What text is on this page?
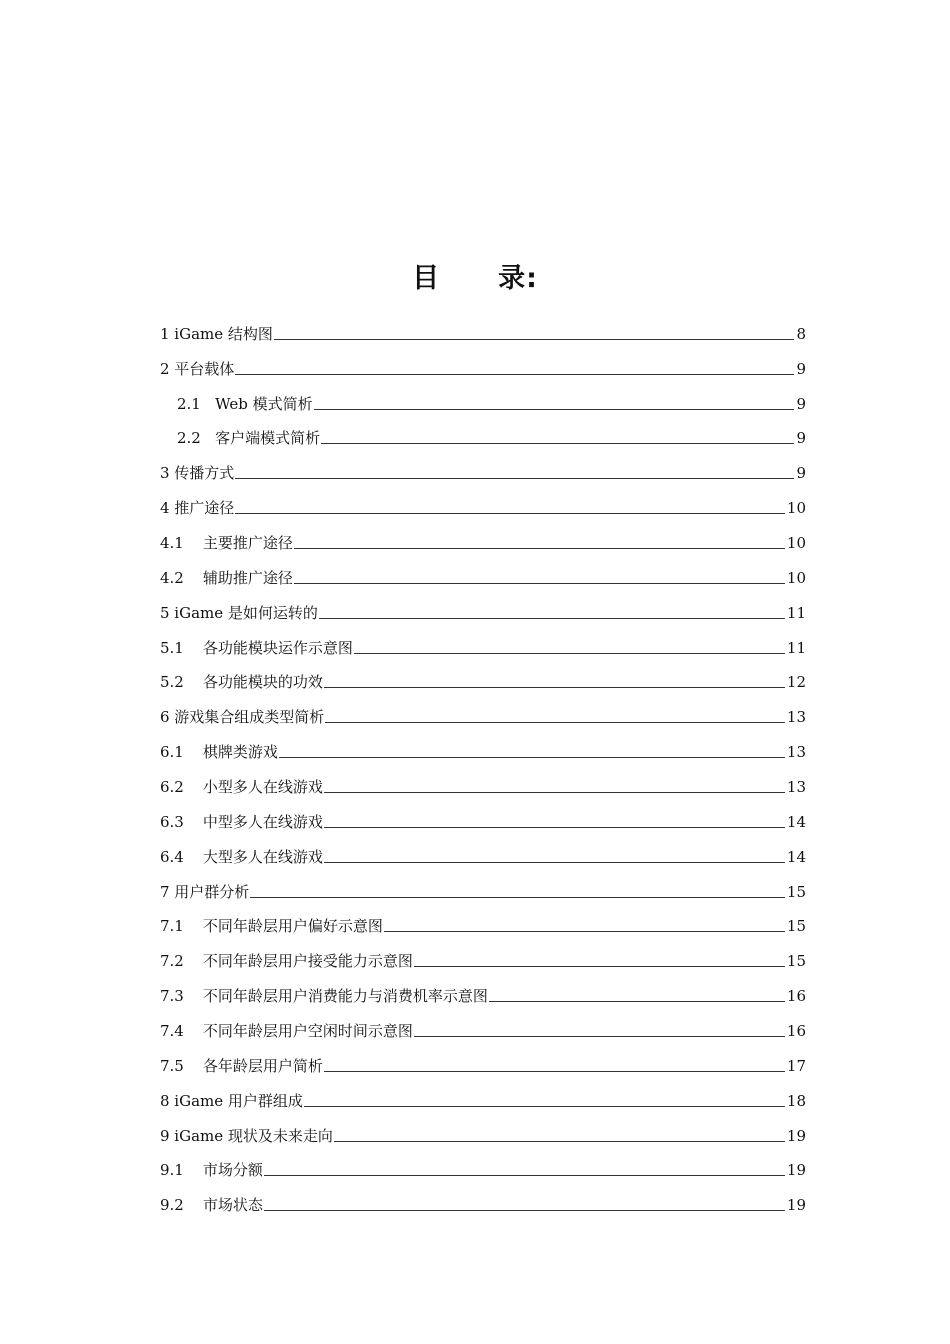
目 录:
1 iGame 结构图	8
2 平台载体	9
2.1   Web 模式简析	9
2.2   客户端模式简析	9
3 传播方式	9
4 推广途径	10
4.1    主要推广途径	10
4.2    辅助推广途径	10
5 iGame 是如何运转的	11
5.1    各功能模块运作示意图	11
5.2    各功能模块的功效	12
6 游戏集合组成类型简析	13
6.1    棋牌类游戏	13
6.2    小型多人在线游戏	13
6.3    中型多人在线游戏	14
6.4    大型多人在线游戏	14
7 用户群分析	15
7.1    不同年龄层用户偏好示意图	15
7.2    不同年龄层用户接受能力示意图	15
7.3    不同年龄层用户消费能力与消费机率示意图	16
7.4    不同年龄层用户空闲时间示意图	16
7.5    各年龄层用户简析	17
8 iGame 用户群组成	18
9 iGame 现状及未来走向	19
9.1    市场分额	19
9.2    市场状态	19
